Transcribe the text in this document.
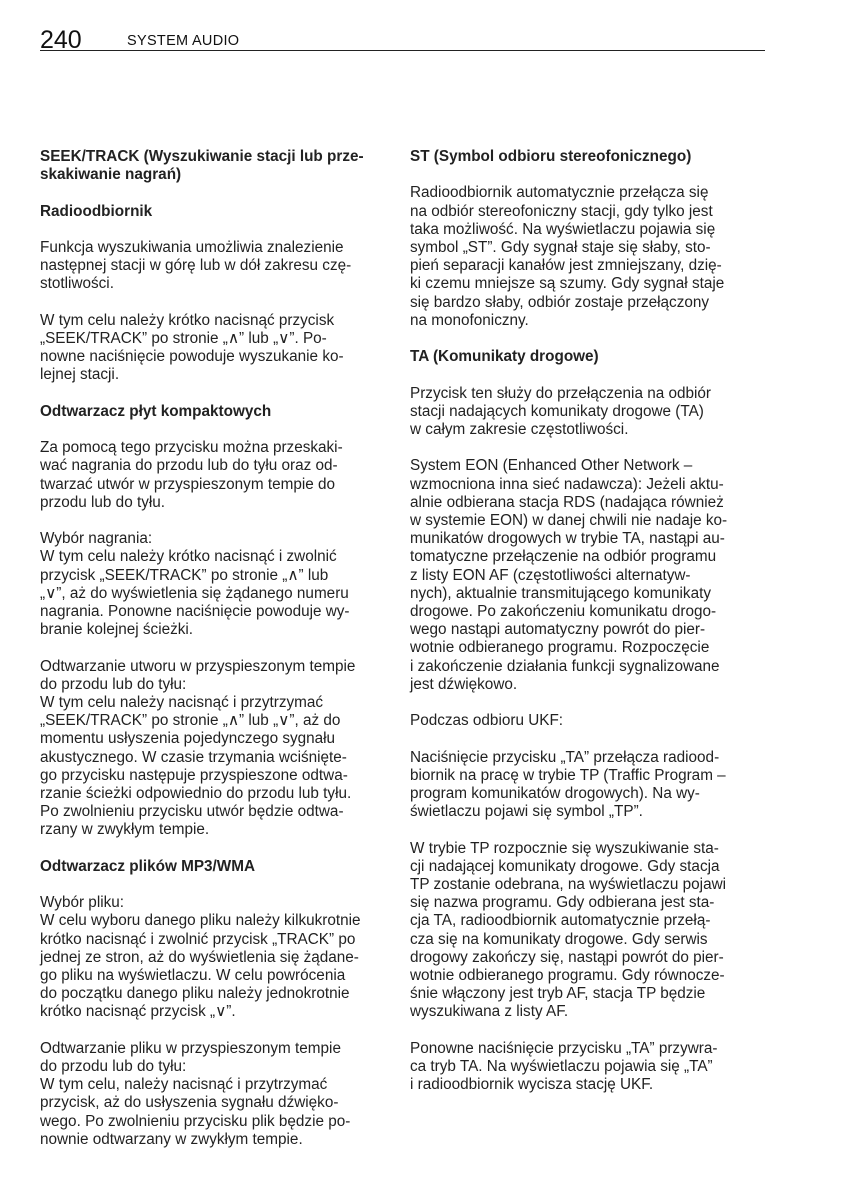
240	SYSTEM AUDIO

SEEK/TRACK (Wyszukiwanie stacji lub prze-
skakiwanie nagrań)

Radioodbiornik

Funkcja wyszukiwania umożliwia znalezienie
następnej stacji w górę lub w dół zakresu czę-
stotliwości.

W tym celu należy krótko nacisnąć przycisk
„SEEK/TRACK” po stronie „∧” lub „∨”. Po-
nowne naciśnięcie powoduje wyszukanie ko-
lejnej stacji.

Odtwarzacz płyt kompaktowych

Za pomocą tego przycisku można przeskaki-
wać nagrania do przodu lub do tyłu oraz od-
twarzać utwór w przyspieszonym tempie do
przodu lub do tyłu.

Wybór nagrania:
W tym celu należy krótko nacisnąć i zwolnić
przycisk „SEEK/TRACK” po stronie „∧” lub
„∨”, aż do wyświetlenia się żądanego numeru
nagrania. Ponowne naciśnięcie powoduje wy-
branie kolejnej ścieżki.

Odtwarzanie utworu w przyspieszonym tempie
do przodu lub do tyłu:
W tym celu należy nacisnąć i przytrzymać
„SEEK/TRACK” po stronie „∧” lub „∨”, aż do
momentu usłyszenia pojedynczego sygnału
akustycznego. W czasie trzymania wciśnięte-
go przycisku następuje przyspieszone odtwa-
rzanie ścieżki odpowiednio do przodu lub tyłu.
Po zwolnieniu przycisku utwór będzie odtwa-
rzany w zwykłym tempie.

Odtwarzacz plików MP3/WMA

Wybór pliku:
W celu wyboru danego pliku należy kilkukrotnie
krótko nacisnąć i zwolnić przycisk „TRACK” po
jednej ze stron, aż do wyświetlenia się żądane-
go pliku na wyświetlaczu. W celu powrócenia
do początku danego pliku należy jednokrotnie
krótko nacisnąć przycisk „∨”.

Odtwarzanie pliku w przyspieszonym tempie
do przodu lub do tyłu:
W tym celu, należy nacisnąć i przytrzymać
przycisk, aż do usłyszenia sygnału dźwięko-
wego. Po zwolnieniu przycisku plik będzie po-
nownie odtwarzany w zwykłym tempie.

ST (Symbol odbioru stereofonicznego)

Radioodbiornik automatycznie przełącza się
na odbiór stereofoniczny stacji, gdy tylko jest
taka możliwość. Na wyświetlaczu pojawia się
symbol „ST”. Gdy sygnał staje się słaby, sto-
pień separacji kanałów jest zmniejszany, dzię-
ki czemu mniejsze są szumy. Gdy sygnał staje
się bardzo słaby, odbiór zostaje przełączony
na monofoniczny.

TA (Komunikaty drogowe)

Przycisk ten służy do przełączenia na odbiór
stacji nadających komunikaty drogowe (TA)
w całym zakresie częstotliwości.

System EON (Enhanced Other Network –
wzmocniona inna sieć nadawcza): Jeżeli aktu-
alnie odbierana stacja RDS (nadająca również
w systemie EON) w danej chwili nie nadaje ko-
munikatów drogowych w trybie TA, nastąpi au-
tomatyczne przełączenie na odbiór programu
z listy EON AF (częstotliwości alternatyw-
nych), aktualnie transmitującego komunikaty
drogowe. Po zakończeniu komunikatu drogo-
wego nastąpi automatyczny powrót do pier-
wotnie odbieranego programu. Rozpoczęcie
i zakończenie działania funkcji sygnalizowane
jest dźwiękowo.

Podczas odbioru UKF:

Naciśnięcie przycisku „TA” przełącza radiood-
biornik na pracę w trybie TP (Traffic Program –
program komunikatów drogowych). Na wy-
świetlaczu pojawi się symbol „TP”.

W trybie TP rozpocznie się wyszukiwanie sta-
cji nadającej komunikaty drogowe. Gdy stacja
TP zostanie odebrana, na wyświetlaczu pojawi
się nazwa programu. Gdy odbierana jest sta-
cja TA, radioodbiornik automatycznie przełą-
cza się na komunikaty drogowe. Gdy serwis
drogowy zakończy się, nastąpi powrót do pier-
wotnie odbieranego programu. Gdy równocze-
śnie włączony jest tryb AF, stacja TP będzie
wyszukiwana z listy AF.

Ponowne naciśnięcie przycisku „TA” przywra-
ca tryb TA. Na wyświetlaczu pojawia się „TA”
i radioodbiornik wycisza stację UKF.
